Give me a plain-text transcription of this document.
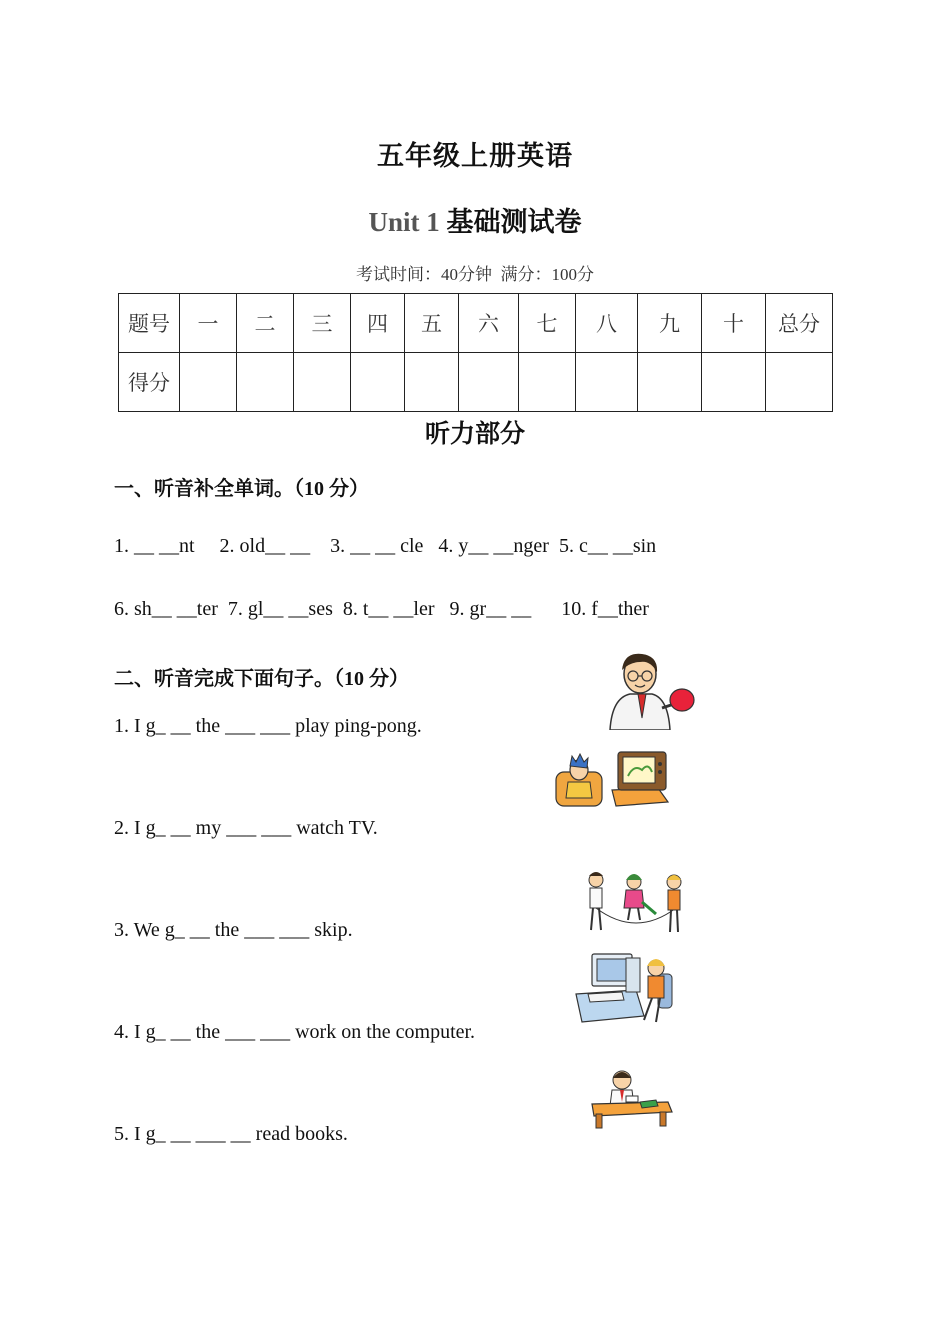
五年级上册英语
Unit 1 基础测试卷
考试时间：40分钟  满分：100分
题号	一	二	三	四	五	六	七	八	九	十	总分
得分											
听力部分
一、听音补全单词。（10 分）
1. __ __nt     2. old__ __    3. __ __ cle   4. y__ __nger  5. c__ __sin
6. sh__ __ter  7. gl__ __ses  8. t__ __ler   9. gr__ __      10. f__ther
二、听音完成下面句子。（10 分）
1. I g_ __ the ___ ___ play ping-pong.
2. I g_ __ my ___ ___ watch TV.
3. We g_ __ the ___ ___ skip.
4. I g_ __ the ___ ___ work on the computer.
5. I g_ __ ___ __ read books.
